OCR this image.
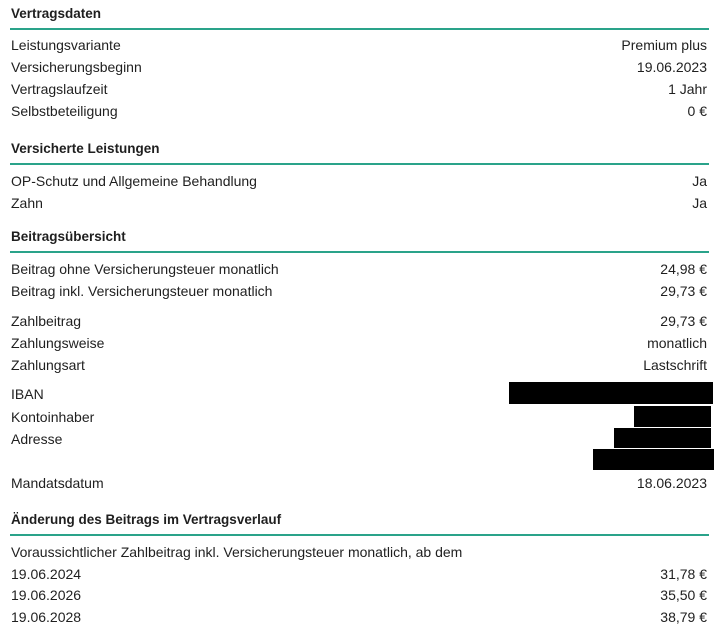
Vertragsdaten
Leistungsvariante	Premium plus
Versicherungsbeginn	19.06.2023
Vertragslaufzeit	1 Jahr
Selbstbeteiligung	0 €
Versicherte Leistungen
OP-Schutz und Allgemeine Behandlung	Ja
Zahn	Ja
Beitragsübersicht
Beitrag ohne Versicherungsteuer monatlich	24,98 €
Beitrag inkl. Versicherungsteuer monatlich	29,73 €
Zahlbeitrag	29,73 €
Zahlungsweise	monatlich
Zahlungsart	Lastschrift
IBAN
Kontoinhaber
Adresse
Mandatsdatum	18.06.2023
Änderung des Beitrags im Vertragsverlauf
Voraussichtlicher Zahlbeitrag inkl. Versicherungsteuer monatlich, ab dem
19.06.2024	31,78 €
19.06.2026	35,50 €
19.06.2028	38,79 €
